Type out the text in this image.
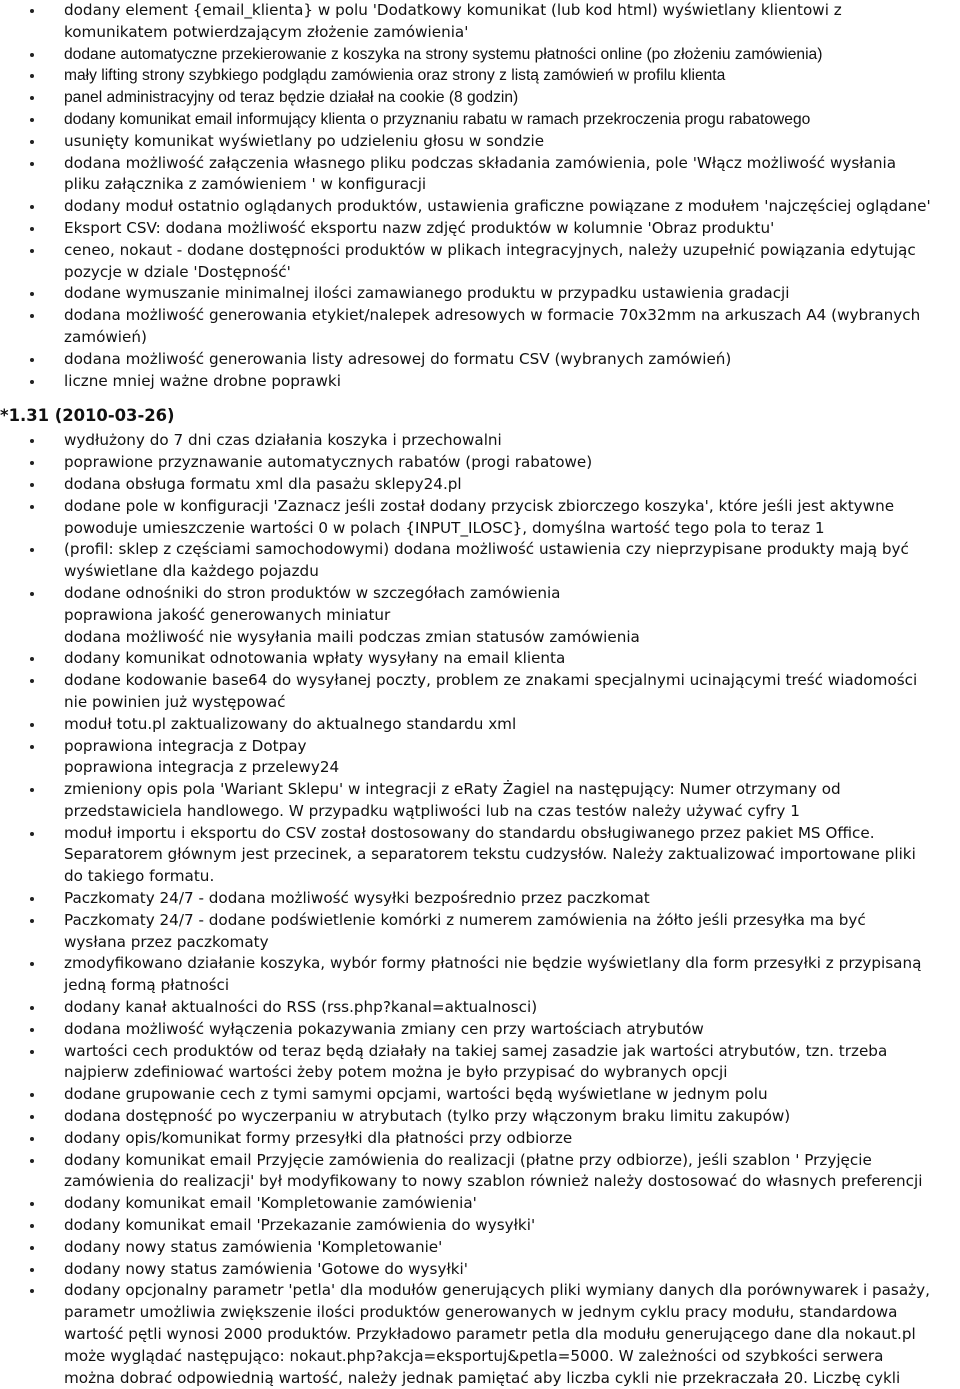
dodany element {email_klienta} w polu 'Dodatkowy komunikat (lub kod html) wyświetlany klientowi z
komunikatem potwierdzającym złożenie zamówienia'
dodane automatyczne przekierowanie z koszyka na strony systemu płatności online (po złożeniu zamówienia)
mały lifting strony szybkiego podglądu zamówienia oraz strony z listą zamówień w profilu klienta
panel administracyjny od teraz będzie działał na cookie (8 godzin)
dodany komunikat email informujący klienta o przyznaniu rabatu w ramach przekroczenia progu rabatowego
usunięty komunikat wyświetlany po udzieleniu głosu w sondzie
dodana możliwość załączenia własnego pliku podczas składania zamówienia, pole 'Włącz możliwość wysłania
pliku załącznika z zamówieniem ' w konfiguracji
dodany moduł ostatnio oglądanych produktów, ustawienia graficzne powiązane z modułem 'najczęściej oglądane'
Eksport CSV: dodana możliwość eksportu nazw zdjęć produktów w kolumnie 'Obraz produktu'
ceneo, nokaut - dodane dostępności produktów w plikach integracyjnych, należy uzupełnić powiązania edytując
pozycje w dziale 'Dostępność'
dodane wymuszanie minimalnej ilości zamawianego produktu w przypadku ustawienia gradacji
dodana możliwość generowania etykiet/nalepek adresowych w formacie 70x32mm na arkuszach A4 (wybranych
zamówień)
dodana możliwość generowania listy adresowej do formatu CSV (wybranych zamówień)
liczne mniej ważne drobne poprawki
*1.31 (2010-03-26)
wydłużony do 7 dni czas działania koszyka i przechowalni
poprawione przyznawanie automatycznych rabatów (progi rabatowe)
dodana obsługa formatu xml dla pasażu sklepy24.pl
dodane pole w konfiguracji 'Zaznacz jeśli został dodany przycisk zbiorczego koszyka', które jeśli jest aktywne
powoduje umieszczenie wartości 0 w polach {INPUT_ILOSC}, domyślna wartość tego pola to teraz 1
(profil: sklep z częściami samochodowymi) dodana możliwość ustawienia czy nieprzypisane produkty mają być
wyświetlane dla każdego pojazdu
dodane odnośniki do stron produktów w szczegółach zamówienia
poprawiona jakość generowanych miniatur
dodana możliwość nie wysyłania maili podczas zmian statusów zamówienia
dodany komunikat odnotowania wpłaty wysyłany na email klienta
dodane kodowanie base64 do wysyłanej poczty, problem ze znakami specjalnymi ucinającymi treść wiadomości
nie powinien już występować
moduł totu.pl zaktualizowany do aktualnego standardu xml
poprawiona integracja z Dotpay
poprawiona integracja z przelewy24
zmieniony opis pola 'Wariant Sklepu' w integracji z eRaty Żagiel na następujący: Numer otrzymany od
przedstawiciela handlowego. W przypadku wątpliwości lub na czas testów należy używać cyfry 1
moduł importu i eksportu do CSV został dostosowany do standardu obsługiwanego przez pakiet MS Office.
Separatorem głównym jest przecinek, a separatorem tekstu cudzysłów. Należy zaktualizować importowane pliki
do takiego formatu.
Paczkomaty 24/7 - dodana możliwość wysyłki bezpośrednio przez paczkomat
Paczkomaty 24/7 - dodane podświetlenie komórki z numerem zamówienia na żółto jeśli przesyłka ma być
wysłana przez paczkomaty
zmodyfikowano działanie koszyka, wybór formy płatności nie będzie wyświetlany dla form przesyłki z przypisaną
jedną formą płatności
dodany kanał aktualności do RSS (rss.php?kanal=aktualnosci)
dodana możliwość wyłączenia pokazywania zmiany cen przy wartościach atrybutów
wartości cech produktów od teraz będą działały na takiej samej zasadzie jak wartości atrybutów, tzn. trzeba
najpierw zdefiniować wartości żeby potem można je było przypisać do wybranych opcji
dodane grupowanie cech z tymi samymi opcjami, wartości będą wyświetlane w jednym polu
dodana dostępność po wyczerpaniu w atrybutach (tylko przy włączonym braku limitu zakupów)
dodany opis/komunikat formy przesyłki dla płatności przy odbiorze
dodany komunikat email Przyjęcie zamówienia do realizacji (płatne przy odbiorze), jeśli szablon ' Przyjęcie
zamówienia do realizacji' był modyfikowany to nowy szablon również należy dostosować do własnych preferencji
dodany komunikat email 'Kompletowanie zamówienia'
dodany komunikat email 'Przekazanie zamówienia do wysyłki'
dodany nowy status zamówienia 'Kompletowanie'
dodany nowy status zamówienia 'Gotowe do wysyłki'
dodany opcjonalny parametr 'petla' dla modułów generujących pliki wymiany danych dla porównywarek i pasaży,
parametr umożliwia zwiększenie ilości produktów generowanych w jednym cyklu pracy modułu, standardowa
wartość pętli wynosi 2000 produktów. Przykładowo parametr petla dla modułu generującego dane dla nokaut.pl
może wyglądać następująco: nokaut.php?akcja=eksportuj&petla=5000. W zależności od szybkości serwera
można dobrać odpowiednią wartość, należy jednak pamiętać aby liczba cykli nie przekraczała 20. Liczbę cykli
